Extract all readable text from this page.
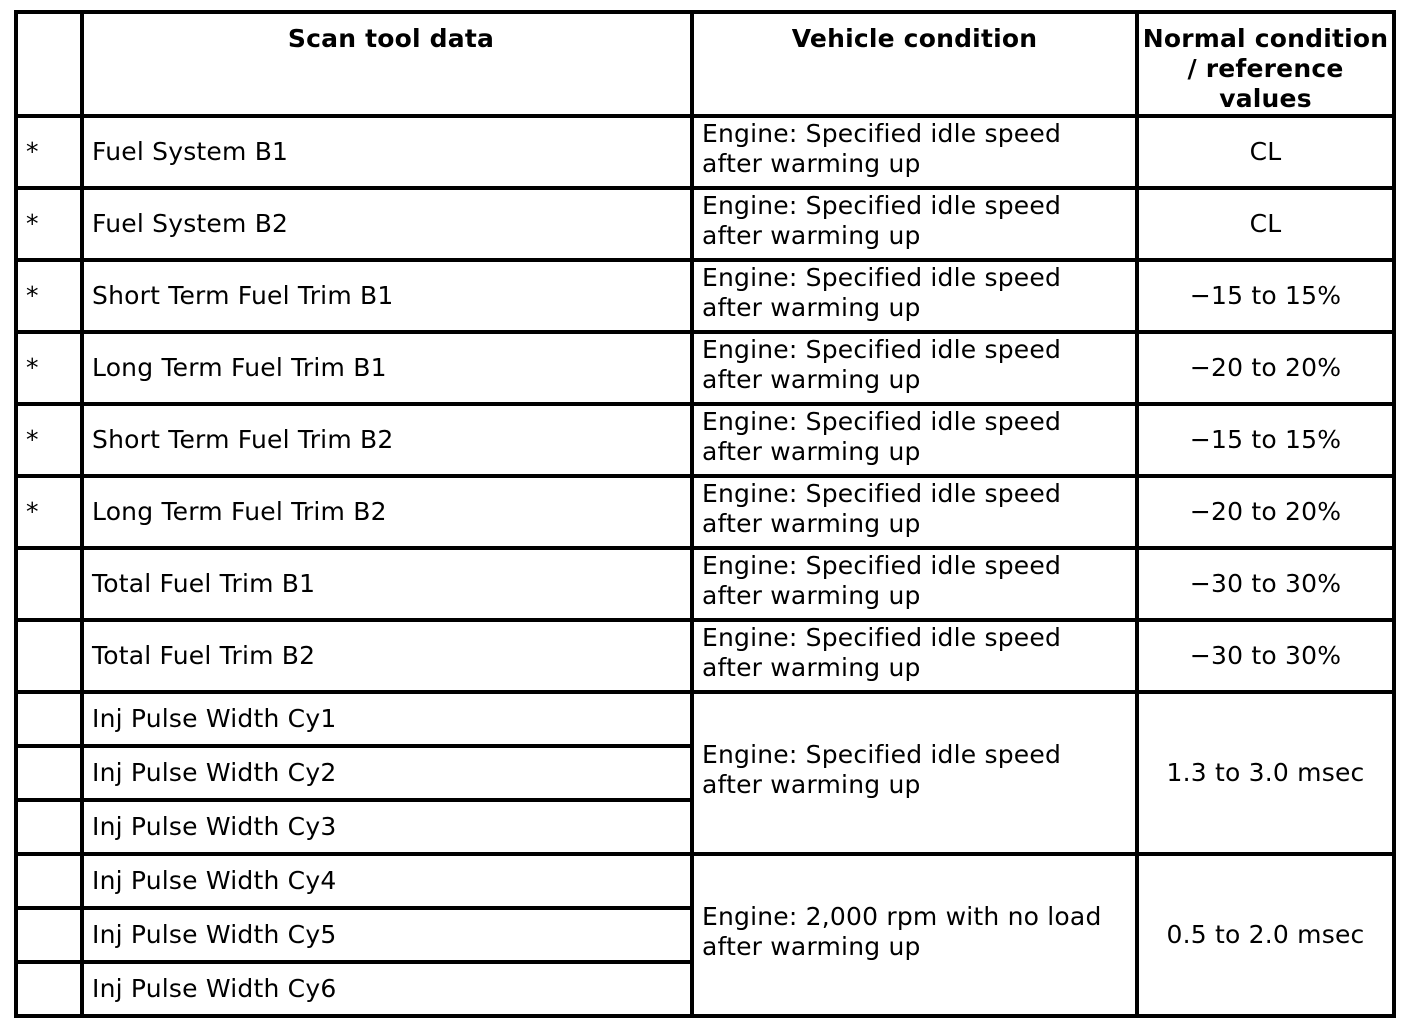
	Scan tool data	Vehicle condition	Normal condition / reference values
*	Fuel System B1	Engine: Specified idle speed after warming up	CL
*	Fuel System B2	Engine: Specified idle speed after warming up	CL
*	Short Term Fuel Trim B1	Engine: Specified idle speed after warming up	−15 to 15%
*	Long Term Fuel Trim B1	Engine: Specified idle speed after warming up	−20 to 20%
*	Short Term Fuel Trim B2	Engine: Specified idle speed after warming up	−15 to 15%
*	Long Term Fuel Trim B2	Engine: Specified idle speed after warming up	−20 to 20%
	Total Fuel Trim B1	Engine: Specified idle speed after warming up	−30 to 30%
	Total Fuel Trim B2	Engine: Specified idle speed after warming up	−30 to 30%
	Inj Pulse Width Cy1	Engine: Specified idle speed after warming up	1.3 to 3.0 msec
	Inj Pulse Width Cy2		
	Inj Pulse Width Cy3		
	Inj Pulse Width Cy4	Engine: 2,000 rpm with no load after warming up	0.5 to 2.0 msec
	Inj Pulse Width Cy5		
	Inj Pulse Width Cy6		
